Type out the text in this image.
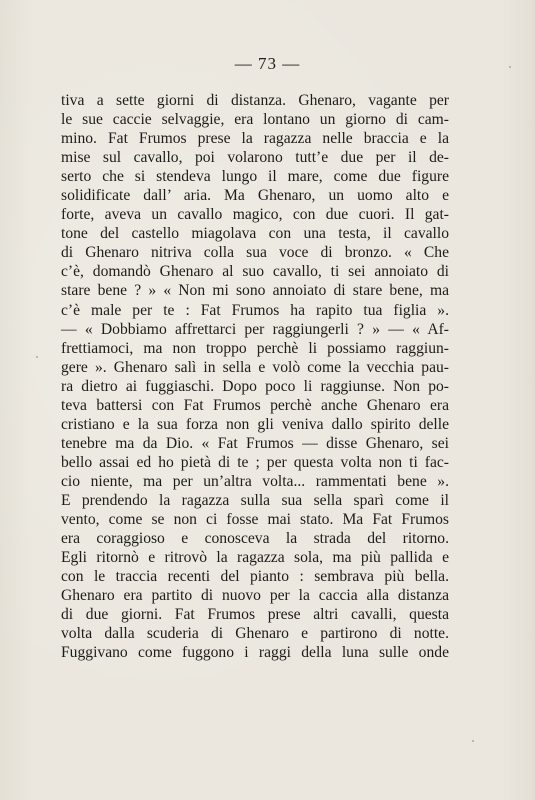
— 73 —
tiva a sette giorni di distanza. Ghenaro, vagante per
le sue caccie selvaggie, era lontano un giorno di cam-
mino. Fat Frumos prese la ragazza nelle braccia e la
mise sul cavallo, poi volarono tutt’e due per il de-
serto che si stendeva lungo il mare, come due figure
solidificate dall’ aria. Ma Ghenaro, un uomo alto e
forte, aveva un cavallo magico, con due cuori. Il gat-
tone del castello miagolava con una testa, il cavallo
di Ghenaro nitriva colla sua voce di bronzo. « Che
c’è, domandò Ghenaro al suo cavallo, ti sei annoiato di
stare bene ? » « Non mi sono annoiato di stare bene, ma
c’è male per te : Fat Frumos ha rapito tua figlia ».
— « Dobbiamo affrettarci per raggiungerli ? » — « Af-
frettiamoci, ma non troppo perchè li possiamo raggiun-
gere ». Ghenaro salì in sella e volò come la vecchia pau-
ra dietro ai fuggiaschi. Dopo poco li raggiunse. Non po-
teva battersi con Fat Frumos perchè anche Ghenaro era
cristiano e la sua forza non gli veniva dallo spirito delle
tenebre ma da Dio. « Fat Frumos — disse Ghenaro, sei
bello assai ed ho pietà di te ; per questa volta non ti fac-
cio niente, ma per un’altra volta... rammentati bene ».
E prendendo la ragazza sulla sua sella sparì come il
vento, come se non ci fosse mai stato. Ma Fat Frumos
era coraggioso e conosceva la strada del ritorno.
Egli ritornò e ritrovò la ragazza sola, ma più pallida e
con le traccia recenti del pianto : sembrava più bella.
Ghenaro era partito di nuovo per la caccia alla distanza
di due giorni. Fat Frumos prese altri cavalli, questa
volta dalla scuderia di Ghenaro e partirono di notte.
Fuggivano come fuggono i raggi della luna sulle onde
